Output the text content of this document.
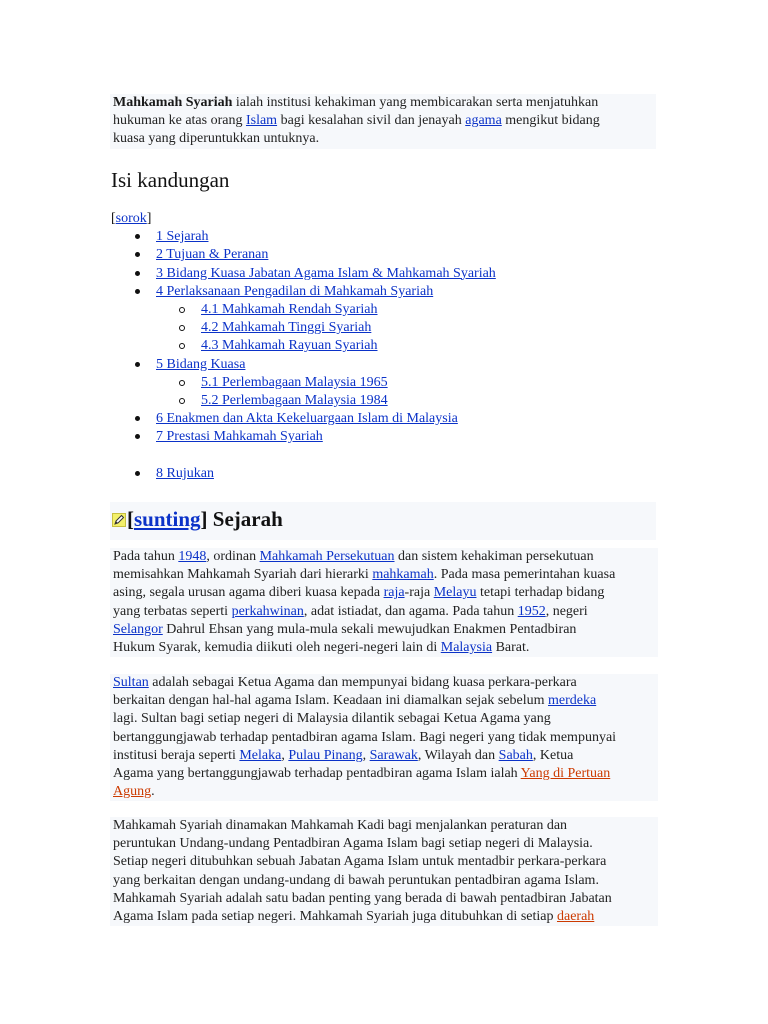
Mahkamah Syariah ialah institusi kehakiman yang membicarakan serta menjatuhkan
hukuman ke atas orang Islam bagi kesalahan sivil dan jenayah agama mengikut bidang
kuasa yang diperuntukkan untuknya.
Isi kandungan
[sorok]
1 Sejarah
2 Tujuan & Peranan
3 Bidang Kuasa Jabatan Agama Islam & Mahkamah Syariah
4 Perlaksanaan Pengadilan di Mahkamah Syariah
4.1 Mahkamah Rendah Syariah
4.2 Mahkamah Tinggi Syariah
4.3 Mahkamah Rayuan Syariah
5 Bidang Kuasa
5.1 Perlembagaan Malaysia 1965
5.2 Perlembagaan Malaysia 1984
6 Enakmen dan Akta Kekeluargaan Islam di Malaysia
7 Prestasi Mahkamah Syariah
8 Rujukan
[sunting] Sejarah
Pada tahun 1948, ordinan Mahkamah Persekutuan dan sistem kehakiman persekutuan
memisahkan Mahkamah Syariah dari hierarki mahkamah. Pada masa pemerintahan kuasa
asing, segala urusan agama diberi kuasa kepada raja-raja Melayu tetapi terhadap bidang
yang terbatas seperti perkahwinan, adat istiadat, dan agama. Pada tahun 1952, negeri
Selangor Dahrul Ehsan yang mula-mula sekali mewujudkan Enakmen Pentadbiran
Hukum Syarak, kemudia diikuti oleh negeri-negeri lain di Malaysia Barat.
Sultan adalah sebagai Ketua Agama dan mempunyai bidang kuasa perkara-perkara
berkaitan dengan hal-hal agama Islam. Keadaan ini diamalkan sejak sebelum merdeka
lagi. Sultan bagi setiap negeri di Malaysia dilantik sebagai Ketua Agama yang
bertanggungjawab terhadap pentadbiran agama Islam. Bagi negeri yang tidak mempunyai
institusi beraja seperti Melaka, Pulau Pinang, Sarawak, Wilayah dan Sabah, Ketua
Agama yang bertanggungjawab terhadap pentadbiran agama Islam ialah Yang di Pertuan
Agung.
Mahkamah Syariah dinamakan Mahkamah Kadi bagi menjalankan peraturan dan
peruntukan Undang-undang Pentadbiran Agama Islam bagi setiap negeri di Malaysia.
Setiap negeri ditubuhkan sebuah Jabatan Agama Islam untuk mentadbir perkara-perkara
yang berkaitan dengan undang-undang di bawah peruntukan pentadbiran agama Islam.
Mahkamah Syariah adalah satu badan penting yang berada di bawah pentadbiran Jabatan
Agama Islam pada setiap negeri. Mahkamah Syariah juga ditubuhkan di setiap daerah
